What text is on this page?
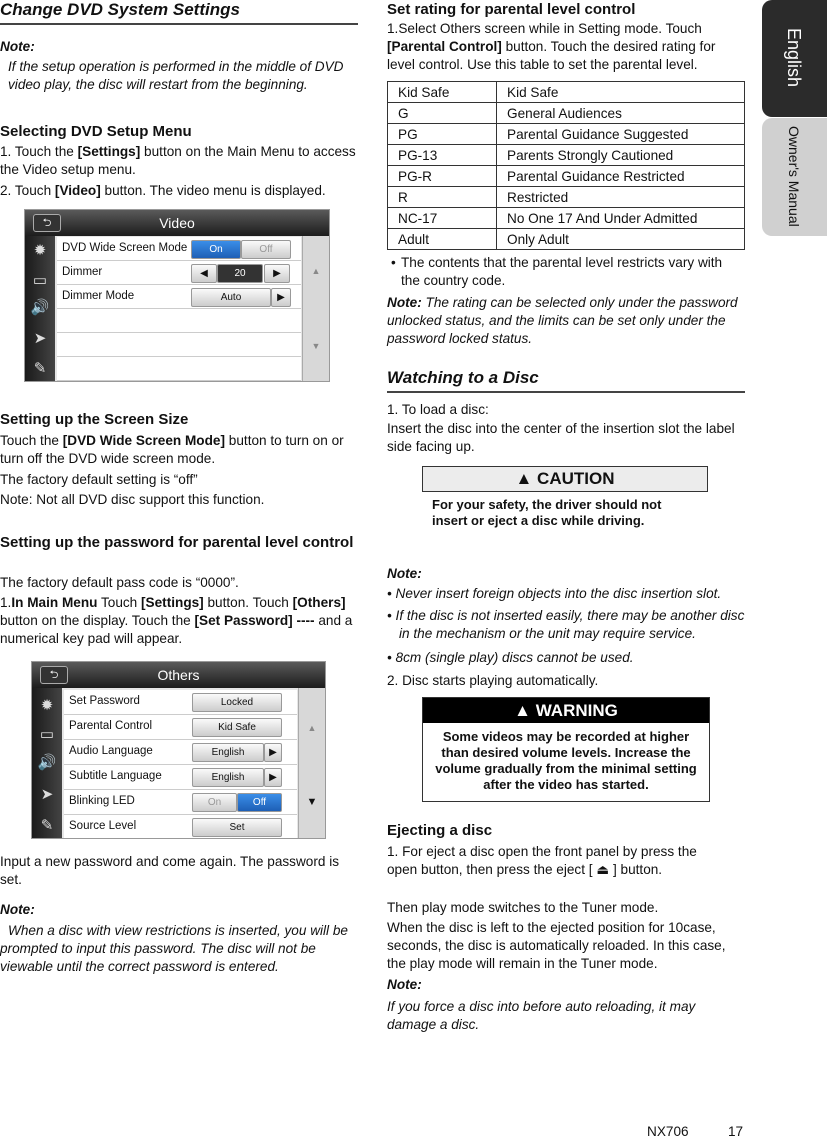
English
Owner's Manual
Change DVD System Settings

Note:

If the setup operation is performed in the middle of DVD video play, the disc will restart from the beginning.

Selecting DVD Setup Menu

1. Touch the [Settings] button on the Main Menu to access the Video setup menu.

2. Touch [Video] button. The video menu is displayed.

⮌	Video
✹
▭
🔊
➤
✎
DVD Wide Screen Mode	On	Off
Dimmer	◀	20	▶
Dimmer Mode	Auto	▶
▲
▼
Setting up the Screen Size

Touch the [DVD Wide Screen Mode] button to turn on or turn off the DVD wide screen mode.

The factory default setting is “off”

Note: Not all DVD disc support this function.

Setting up the password for parental level control

The factory default pass code is “0000”.

1.In Main Menu Touch [Settings] button. Touch [Others] button on the display. Touch the [Set Password] ---- and a numerical key pad will appear.

⮌	Others
✹
▭
🔊
➤
✎
Set Password	Locked
Parental Control	Kid Safe
Audio Language	English	▶
Subtitle Language	English	▶
Blinking LED	On	Off
Source Level	Set
▲
▼

Input a new password and come again. The password is set.

Note:

When a disc with view restrictions is inserted, you will be prompted to input this password. The disc will not be viewable until the correct password is entered.

Set rating for parental level control

1.Select Others screen while in Setting mode. Touch [Parental Control] button. Touch the desired rating for level control. Use this table to set the parental level.

Kid Safe	Kid Safe
G	General Audiences
PG	Parental Guidance Suggested
PG-13	Parents Strongly Cautioned
PG-R	Parental Guidance Restricted
R	Restricted
NC-17	No One 17 And Under Admitted
Adult	Only Adult

• The contents that the parental level restricts vary with the country code.

Note: The rating can be selected only under the password unlocked status, and the limits can be set only under the password locked status.

Watching to a Disc

1. To load a disc:

Insert the disc into the center of the insertion slot the label side facing up.

▲ CAUTION

For your safety, the driver should not insert or eject a disc while driving.

Note:

• Never insert foreign objects into the disc insertion slot.

• If the disc is not inserted easily, there may be another disc in the mechanism or the unit may require service.

• 8cm (single play) discs cannot be used.

2. Disc starts playing automatically.

▲ WARNING

Some videos may be recorded at higher than desired volume levels. Increase the volume gradually from the minimal setting after the video has started.

Ejecting a disc

1. For eject a disc open the front panel by press the open button, then press the eject [ ⏏ ] button.

Then play mode switches to the Tuner mode.

When the disc is left to the ejected position for 10case, seconds, the disc is automatically reloaded. In this case, the play mode will remain in the Tuner mode.

Note:

If you force a disc into before auto reloading, it may damage a disc.

NX706	17
